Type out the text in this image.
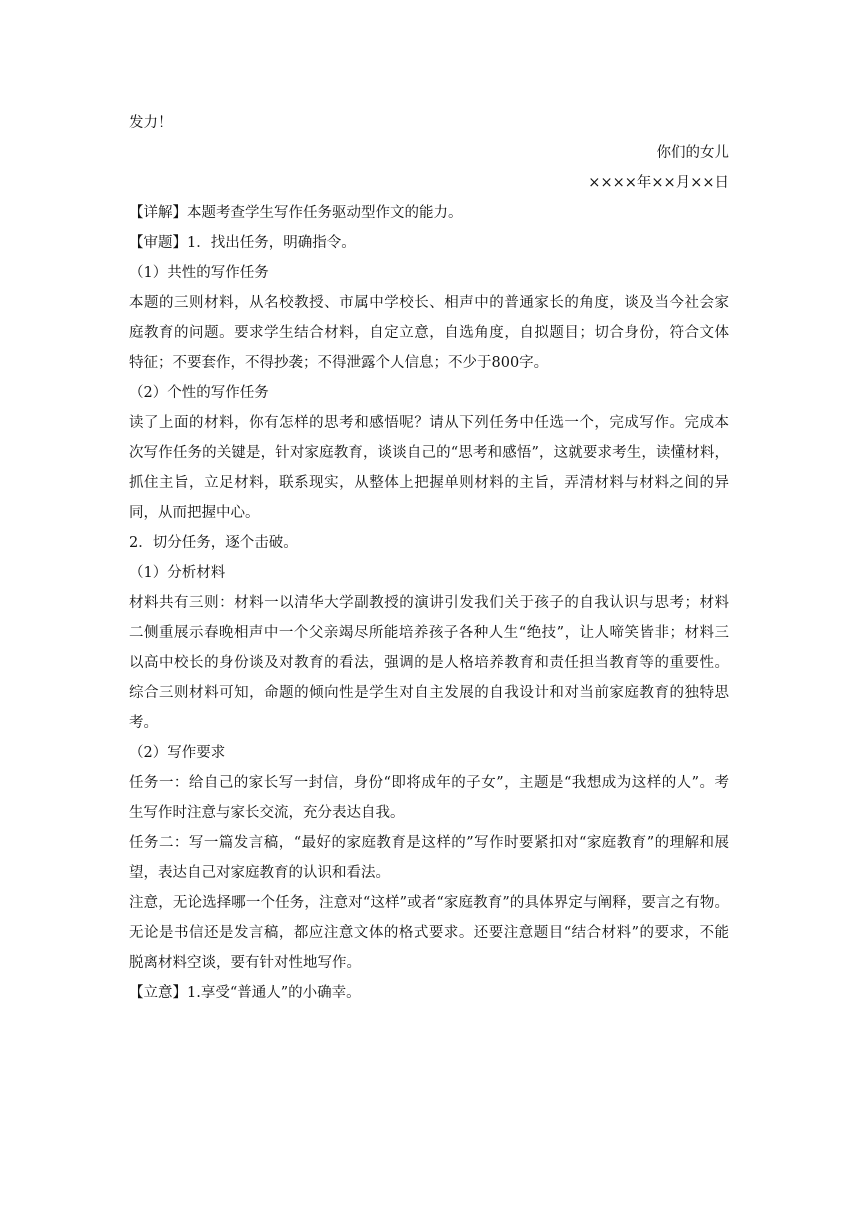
发力！
你们的女儿
××××年××月××日
【详解】本题考查学生写作任务驱动型作文的能力。
【审题】1．找出任务，明确指令。
（1）共性的写作任务
本题的三则材料，从名校教授、市属中学校长、相声中的普通家长的角度，谈及当今社会家
庭教育的问题。要求学生结合材料，自定立意，自选角度，自拟题目；切合身份，符合文体
特征；不要套作，不得抄袭；不得泄露个人信息；不少于800字。
（2）个性的写作任务
读了上面的材料，你有怎样的思考和感悟呢？请从下列任务中任选一个，完成写作。完成本
次写作任务的关键是，针对家庭教育，谈谈自己的“思考和感悟”，这就要求考生，读懂材料，
抓住主旨，立足材料，联系现实，从整体上把握单则材料的主旨，弄清材料与材料之间的异
同，从而把握中心。
2．切分任务，逐个击破。
（1）分析材料
材料共有三则：材料一以清华大学副教授的演讲引发我们关于孩子的自我认识与思考；材料
二侧重展示春晚相声中一个父亲竭尽所能培养孩子各种人生“绝技”，让人啼笑皆非；材料三
以高中校长的身份谈及对教育的看法，强调的是人格培养教育和责任担当教育等的重要性。
综合三则材料可知，命题的倾向性是学生对自主发展的自我设计和对当前家庭教育的独特思
考。
（2）写作要求
任务一：给自己的家长写一封信，身份“即将成年的子女”，主题是“我想成为这样的人”。考
生写作时注意与家长交流，充分表达自我。
任务二：写一篇发言稿，“最好的家庭教育是这样的”写作时要紧扣对“家庭教育”的理解和展
望，表达自己对家庭教育的认识和看法。
注意，无论选择哪一个任务，注意对“这样”或者“家庭教育”的具体界定与阐释，要言之有物。
无论是书信还是发言稿，都应注意文体的格式要求。还要注意题目“结合材料”的要求，不能
脱离材料空谈，要有针对性地写作。
【立意】1.享受“普通人”的小确幸。
